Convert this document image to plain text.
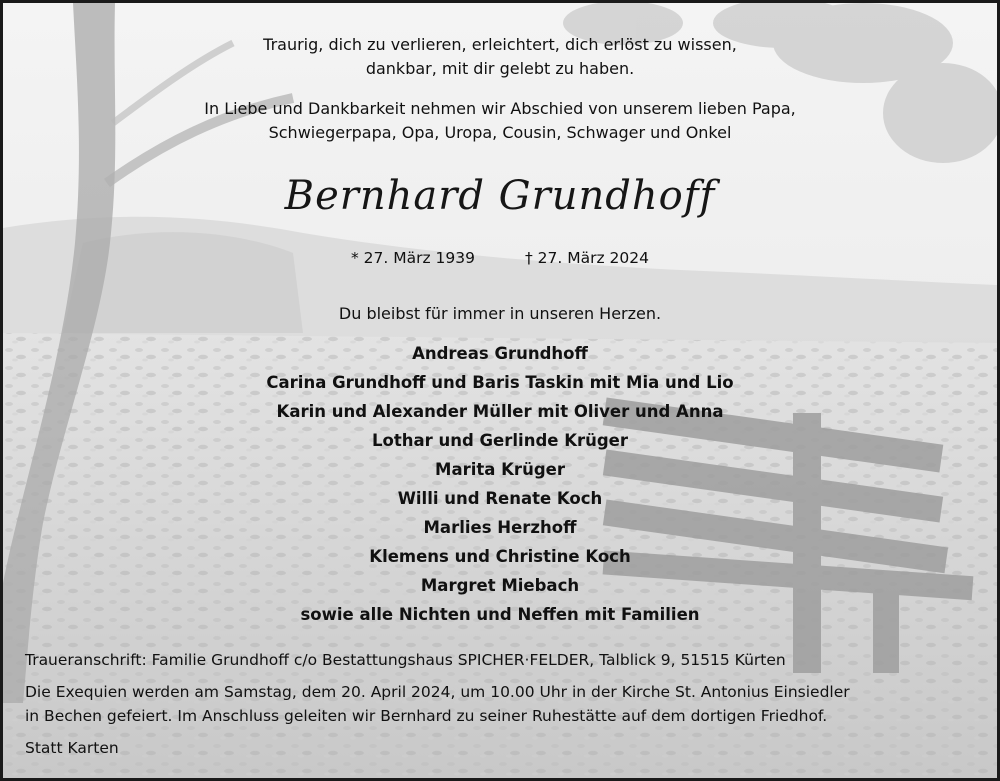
Traurig, dich zu verlieren, erleichtert, dich erlöst zu wissen,
dankbar, mit dir gelebt zu haben.
In Liebe und Dankbarkeit nehmen wir Abschied von unserem lieben Papa,
Schwiegerpapa, Opa, Uropa, Cousin, Schwager und Onkel
Bernhard Grundhoff
* 27. März 1939	† 27. März 2024
Du bleibst für immer in unseren Herzen.
Andreas Grundhoff
Carina Grundhoff und Baris Taskin mit Mia und Lio
Karin und Alexander Müller mit Oliver und Anna
Lothar und Gerlinde Krüger
Marita Krüger
Willi und Renate Koch
Marlies Herzhoff
Klemens und Christine Koch
Margret Miebach
sowie alle Nichten und Neffen mit Familien
Traueranschrift: Familie Grundhoff c/o Bestattungshaus SPICHER·FELDER, Talblick 9, 51515 Kürten
Die Exequien werden am Samstag, dem 20. April 2024, um 10.00 Uhr in der Kirche St. Antonius Einsiedler
in Bechen gefeiert. Im Anschluss geleiten wir Bernhard zu seiner Ruhestätte auf dem dortigen Friedhof.
Statt Karten
